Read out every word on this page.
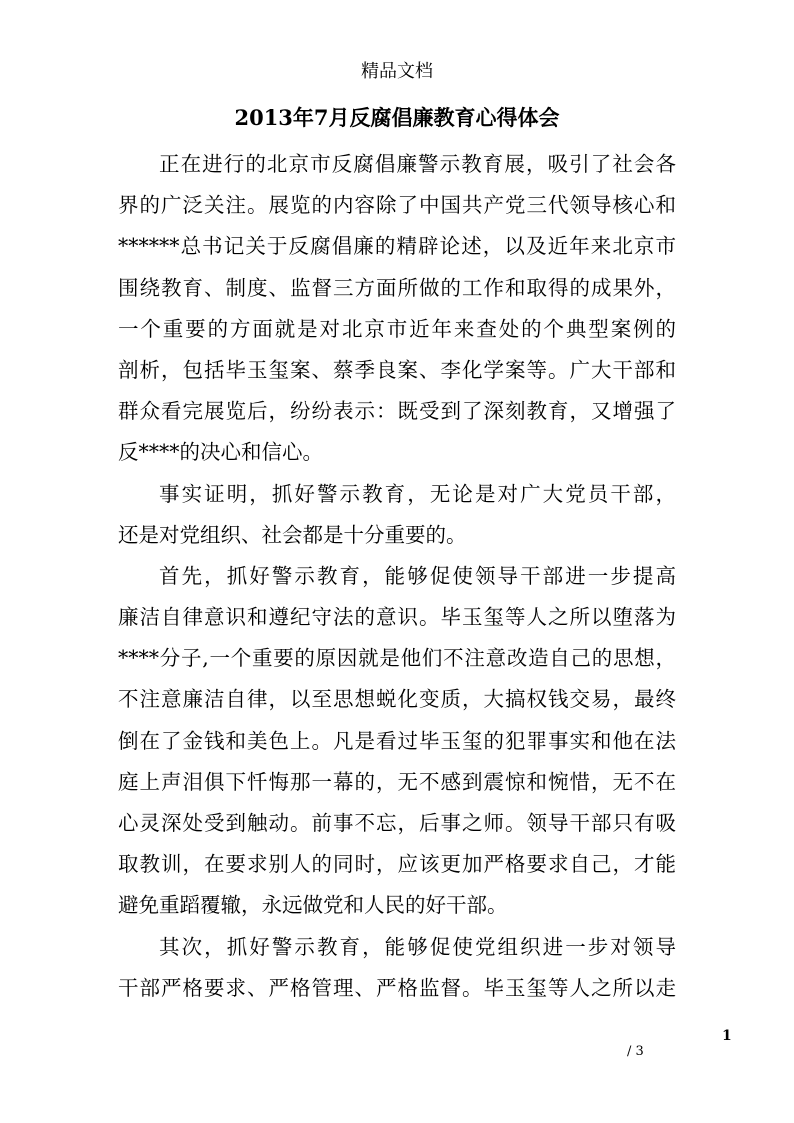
精品文档
2013年7月反腐倡廉教育心得体会
正在进行的北京市反腐倡廉警示教育展，吸引了社会各
界的广泛关注。展览的内容除了中国共产党三代领导核心和
******总书记关于反腐倡廉的精辟论述，以及近年来北京市
围绕教育、制度、监督三方面所做的工作和取得的成果外，
一个重要的方面就是对北京市近年来查处的个典型案例的
剖析，包括毕玉玺案、蔡季良案、李化学案等。广大干部和
群众看完展览后，纷纷表示：既受到了深刻教育，又增强了
反****的决心和信心。
事实证明，抓好警示教育，无论是对广大党员干部，
还是对党组织、社会都是十分重要的。
首先，抓好警示教育，能够促使领导干部进一步提高
廉洁自律意识和遵纪守法的意识。毕玉玺等人之所以堕落为
****分子,一个重要的原因就是他们不注意改造自己的思想，
不注意廉洁自律，以至思想蜕化变质，大搞权钱交易，最终
倒在了金钱和美色上。凡是看过毕玉玺的犯罪事实和他在法
庭上声泪俱下忏悔那一幕的，无不感到震惊和惋惜，无不在
心灵深处受到触动。前事不忘，后事之师。领导干部只有吸
取教训，在要求别人的同时，应该更加严格要求自己，才能
避免重蹈覆辙，永远做党和人民的好干部。
其次，抓好警示教育，能够促使党组织进一步对领导
干部严格要求、严格管理、严格监督。毕玉玺等人之所以走
1
/ 3
